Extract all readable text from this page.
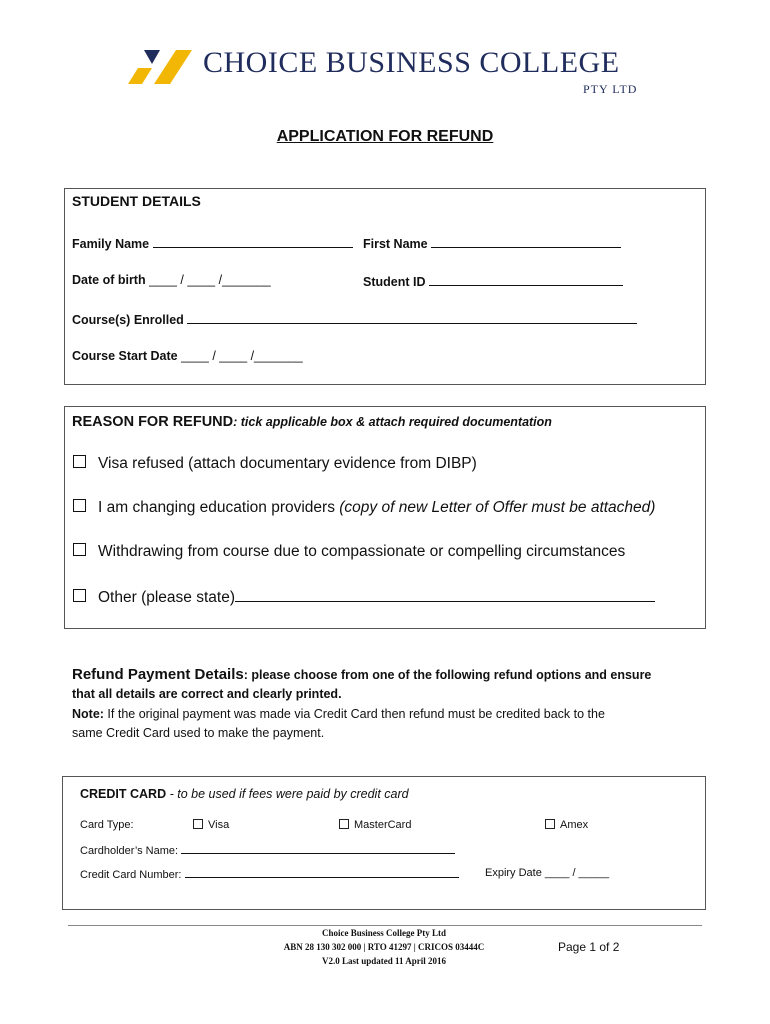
CHOICE BUSINESS COLLEGE
PTY LTD
APPLICATION FOR REFUND
STUDENT DETAILS
Family Name	First Name
Date of birth ____ / ____ /_______	Student ID
Course(s) Enrolled
Course Start Date ____ / ____ /_______
REASON FOR REFUND: tick applicable box & attach required documentation
Visa refused (attach documentary evidence from DIBP)
I am changing education providers (copy of new Letter of Offer must be attached)
Withdrawing from course due to compassionate or compelling circumstances
Other (please state)
Refund Payment Details: please choose from one of the following refund options and ensure
that all details are correct and clearly printed.
Note: If the original payment was made via Credit Card then refund must be credited back to the
same Credit Card used to make the payment.
CREDIT CARD - to be used if fees were paid by credit card
Card Type:	Visa	MasterCard	Amex
Cardholder’s Name:
Credit Card Number:	Expiry Date ____ / _____
Choice Business College Pty Ltd
ABN 28 130 302 000 | RTO 41297 | CRICOS 03444C
V2.0 Last updated 11 April 2016
Page 1 of 2
